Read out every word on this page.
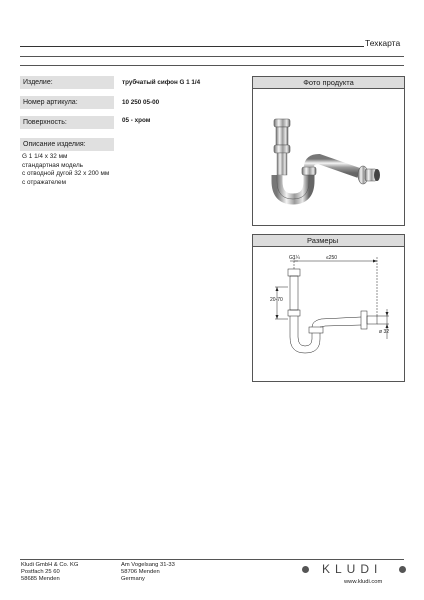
Техкарта
Изделие:	трубчатый сифон G 1 1/4
Номер артикула:	10 250 05-00
Поверхность:	05 - хром
Описание изделия:
G 1 1/4 x 32 мм
стандартная модель
с отводной дугой 32 x 200 мм
с отражателем
Фото продукта
Размеры
G1¼	≤250
20-70
ø 32
Kludi GmbH & Co. KG
Postfach 25 60
58685 Menden
Am Vogelsang 31-33
58706 Menden
Germany
KLUDI
www.kludi.com
